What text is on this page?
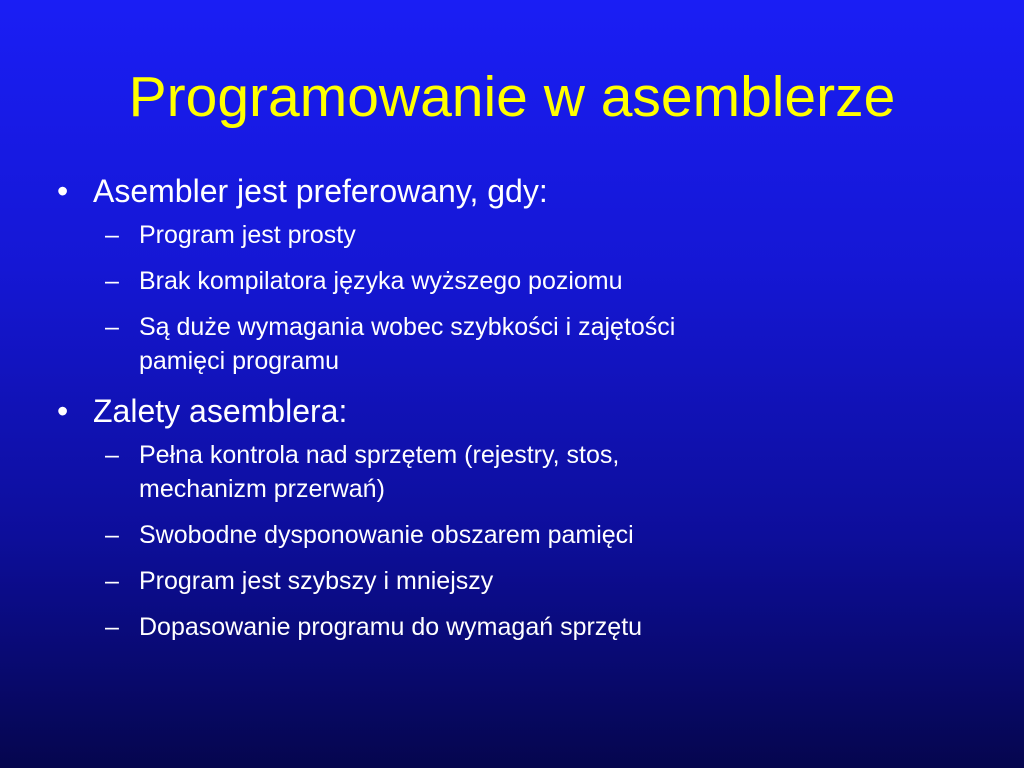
Programowanie w asemblerze
• Asembler jest preferowany, gdy:
– Program jest prosty
– Brak kompilatora języka wyższego poziomu
– Są duże wymagania wobec szybkości i zajętości
pamięci programu
• Zalety asemblera:
– Pełna kontrola nad sprzętem (rejestry, stos,
mechanizm przerwań)
– Swobodne dysponowanie obszarem pamięci
– Program jest szybszy i mniejszy
– Dopasowanie programu do wymagań sprzętu
